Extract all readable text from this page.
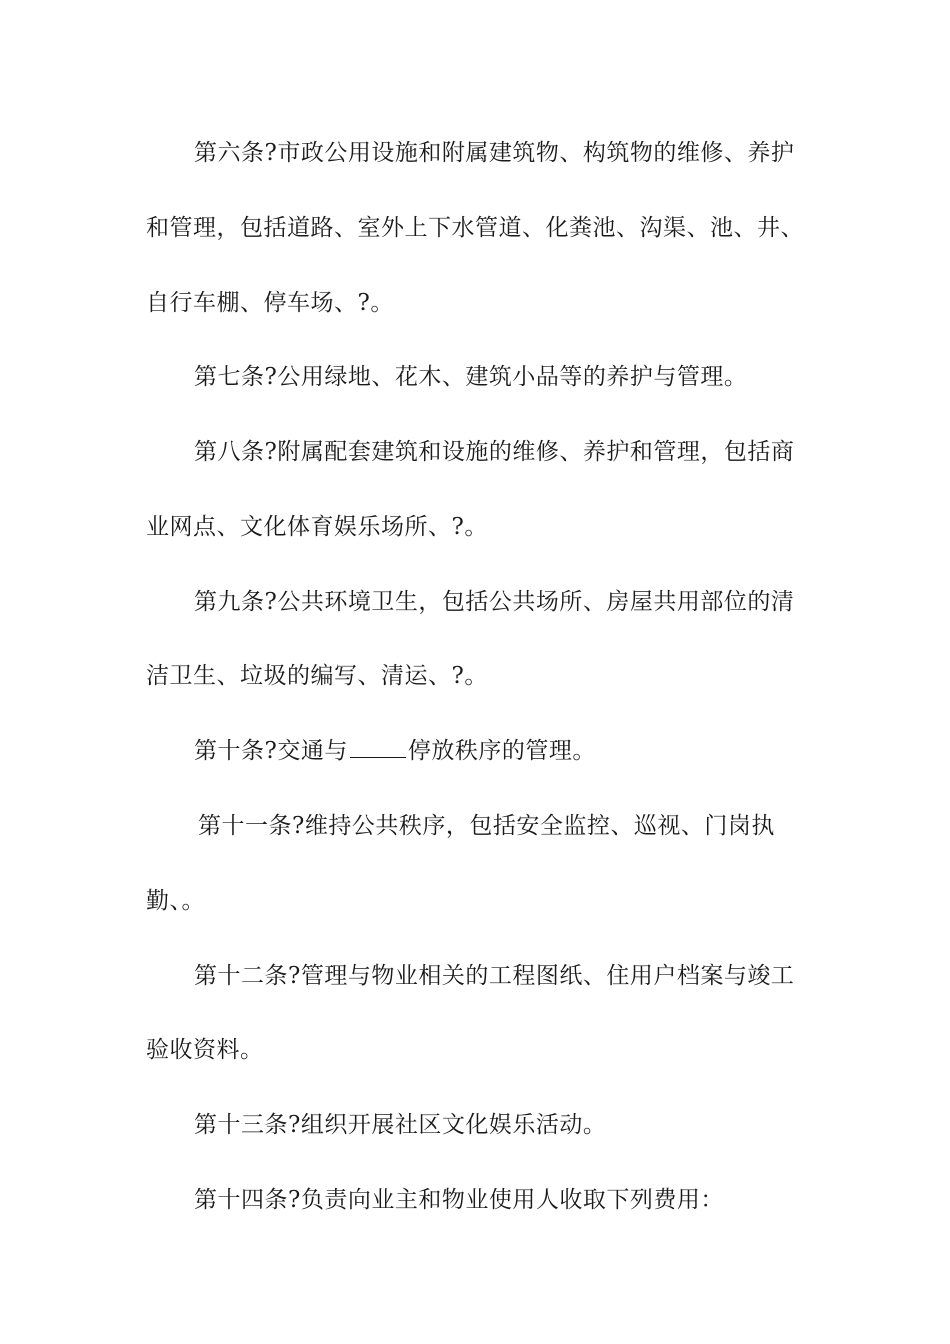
第六条?市政公用设施和附属建筑物、构筑物的维修、养护
和管理，包括道路、室外上下水管道、化粪池、沟渠、池、井、
自行车棚、停车场、?。
第七条?公用绿地、花木、建筑小品等的养护与管理。
第八条?附属配套建筑和设施的维修、养护和管理，包括商
业网点、文化体育娱乐场所、?。
第九条?公共环境卫生，包括公共场所、房屋共用部位的清
洁卫生、垃圾的编写、清运、?。
第十条?交通与	停放秩序的管理。
第十一条?维持公共秩序，包括安全监控、巡视、门岗执
勤、。
第十二条?管理与物业相关的工程图纸、住用户档案与竣工
验收资料。
第十三条?组织开展社区文化娱乐活动。
第十四条?负责向业主和物业使用人收取下列费用：
